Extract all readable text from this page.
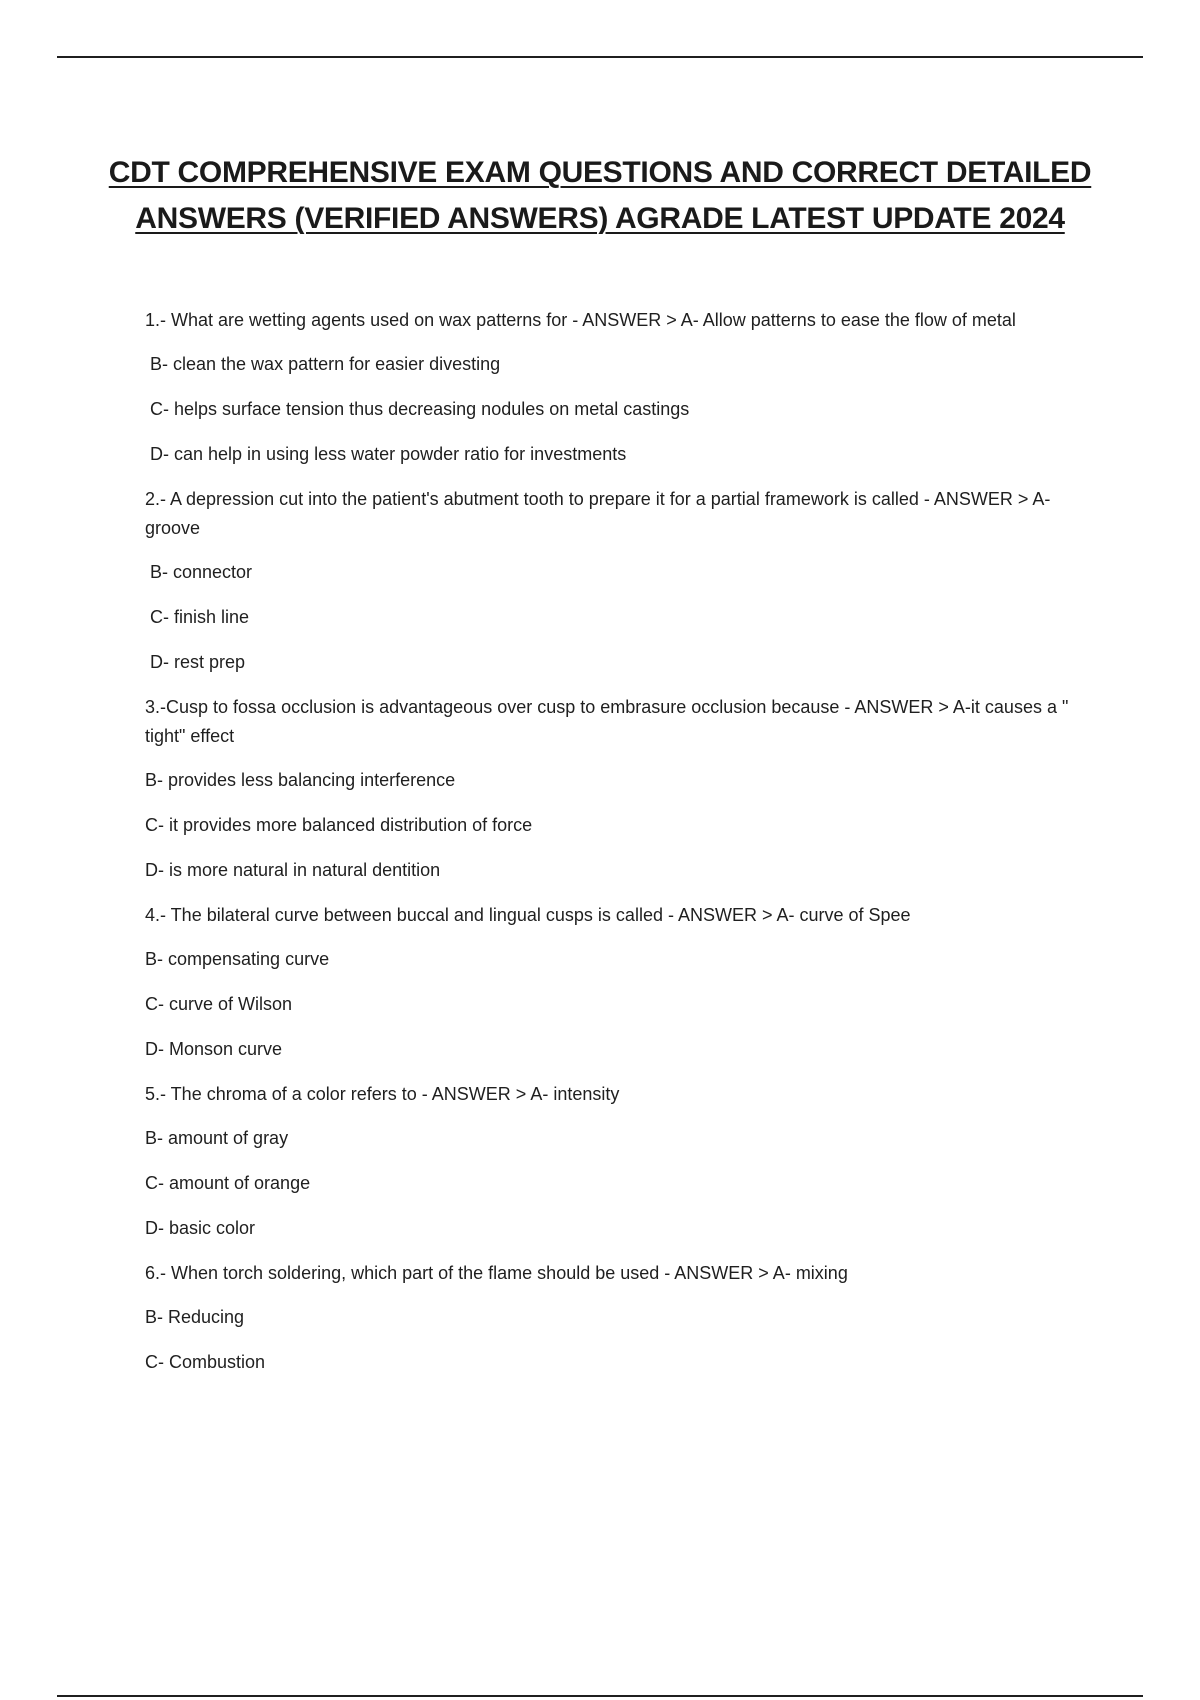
CDT COMPREHENSIVE EXAM QUESTIONS AND CORRECT DETAILED ANSWERS (VERIFIED ANSWERS) AGRADE LATEST UPDATE 2024

1.- What are wetting agents used on wax patterns for - ANSWER > A- Allow patterns to ease the flow of metal

B- clean the wax pattern for easier divesting

C- helps surface tension thus decreasing nodules on metal castings

D- can help in using less water powder ratio for investments

2.- A depression cut into the patient's abutment tooth to prepare it for a partial framework is called - ANSWER > A-groove

B- connector

C- finish line

D- rest prep

3.-Cusp to fossa occlusion is advantageous over cusp to embrasure occlusion because - ANSWER > A-it causes a " tight" effect

B- provides less balancing interference

C- it provides more balanced distribution of force

D- is more natural in natural dentition

4.- The bilateral curve between buccal and lingual cusps is called - ANSWER > A- curve of Spee

B- compensating curve

C- curve of Wilson

D- Monson curve

5.- The chroma of a color refers to - ANSWER > A- intensity

B- amount of gray

C- amount of orange

D- basic color

6.- When torch soldering, which part of the flame should be used - ANSWER > A- mixing

B- Reducing

C- Combustion
